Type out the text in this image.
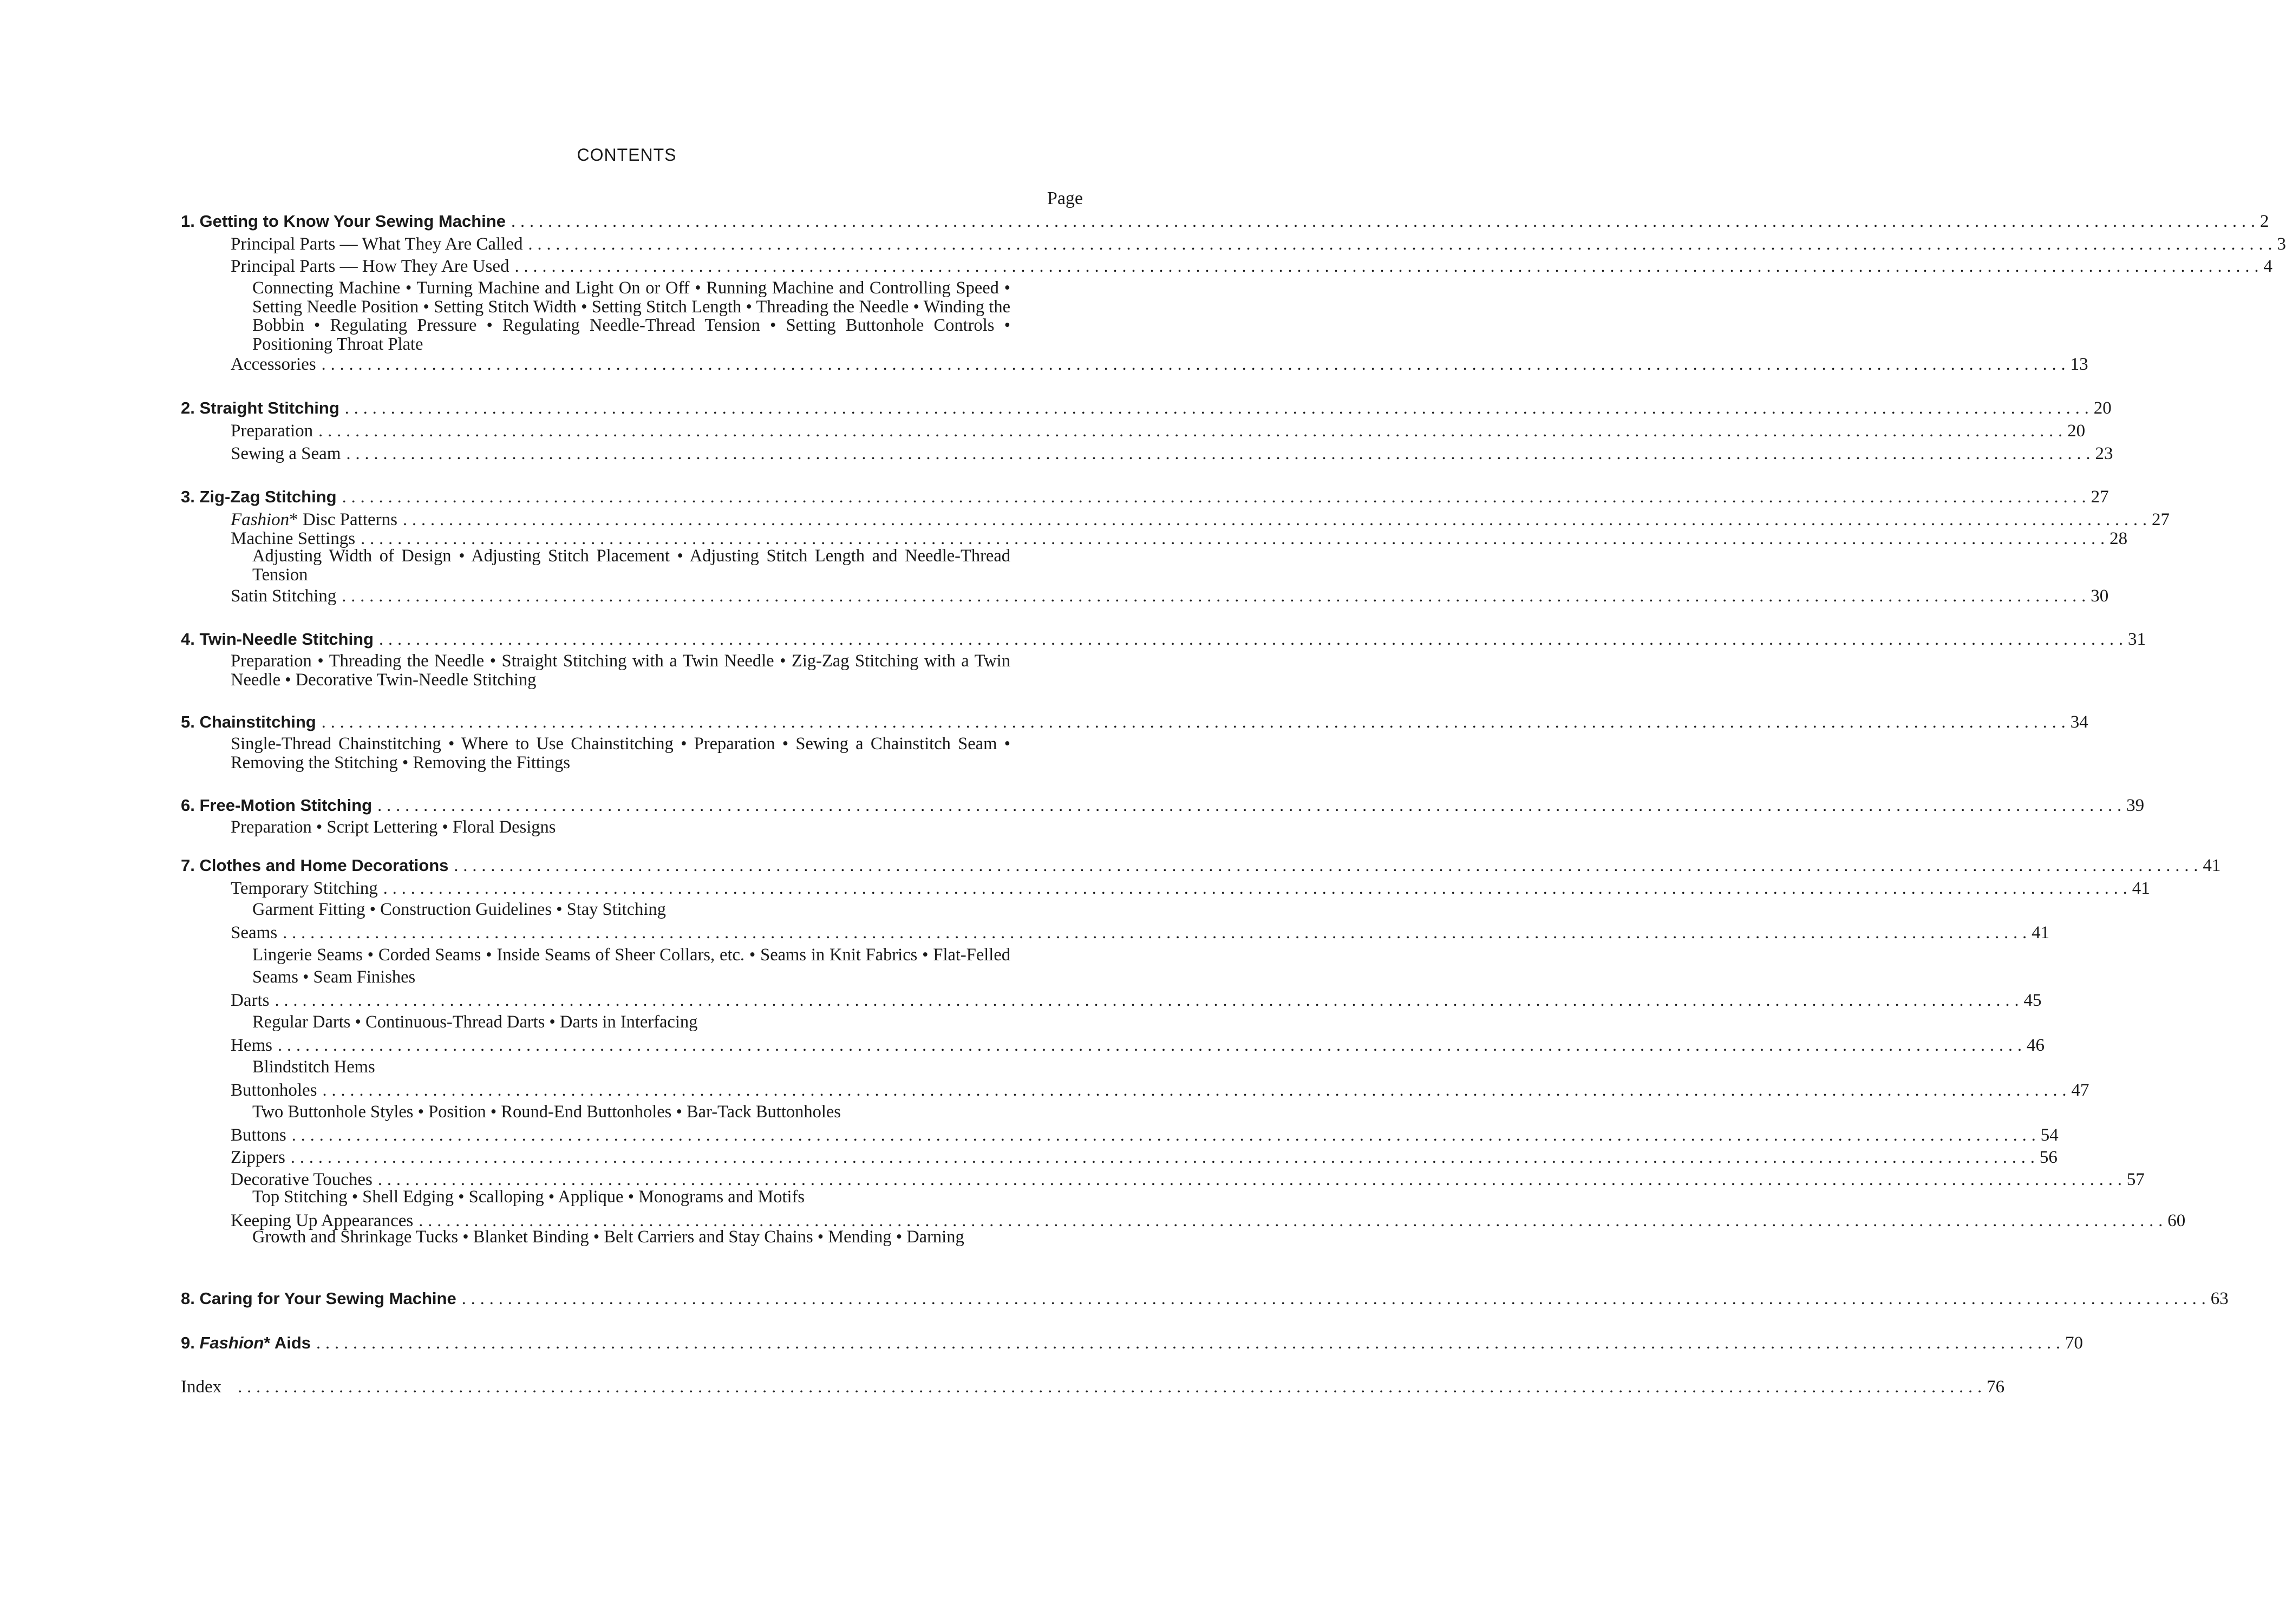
CONTENTS
Page
1. Getting to Know Your Sewing Machine .............................................................................................................................................................................................. 2
Principal Parts — What They Are Called .............................................................................................................................................................................................. 3
Principal Parts — How They Are Used .............................................................................................................................................................................................. 4
Connecting Machine • Turning Machine and Light On or Off • Running Machine and Controlling Speed • Setting Needle Position • Setting Stitch Width • Setting Stitch Length • Threading the Needle • Winding the Bobbin • Regulating Pressure • Regulating Needle-Thread Tension • Setting Buttonhole Controls • Positioning Throat Plate
Accessories .............................................................................................................................................................................................. 13
2. Straight Stitching .............................................................................................................................................................................................. 20
Preparation .............................................................................................................................................................................................. 20
Sewing a Seam .............................................................................................................................................................................................. 23
3. Zig-Zag Stitching .............................................................................................................................................................................................. 27
Fashion* Disc Patterns .............................................................................................................................................................................................. 27
Machine Settings .............................................................................................................................................................................................. 28
Adjusting Width of Design • Adjusting Stitch Placement • Adjusting Stitch Length and Needle-Thread Tension
Satin Stitching .............................................................................................................................................................................................. 30
4. Twin-Needle Stitching .............................................................................................................................................................................................. 31
Preparation • Threading the Needle • Straight Stitching with a Twin Needle • Zig-Zag Stitching with a Twin Needle • Decorative Twin-Needle Stitching
5. Chainstitching .............................................................................................................................................................................................. 34
Single-Thread Chainstitching • Where to Use Chainstitching • Preparation • Sewing a Chainstitch Seam • Removing the Stitching • Removing the Fittings
6. Free-Motion Stitching .............................................................................................................................................................................................. 39
Preparation • Script Lettering • Floral Designs
7. Clothes and Home Decorations .............................................................................................................................................................................................. 41
Temporary Stitching .............................................................................................................................................................................................. 41
Garment Fitting • Construction Guidelines • Stay Stitching
Seams .............................................................................................................................................................................................. 41
Lingerie Seams • Corded Seams • Inside Seams of Sheer Collars, etc. • Seams in Knit Fabrics • Flat-Felled Seams • Seam Finishes
Darts .............................................................................................................................................................................................. 45
Regular Darts • Continuous-Thread Darts • Darts in Interfacing
Hems .............................................................................................................................................................................................. 46
Blindstitch Hems
Buttonholes .............................................................................................................................................................................................. 47
Two Buttonhole Styles • Position • Round-End Buttonholes • Bar-Tack Buttonholes
Buttons .............................................................................................................................................................................................. 54
Zippers .............................................................................................................................................................................................. 56
Decorative Touches .............................................................................................................................................................................................. 57
Top Stitching • Shell Edging • Scalloping • Applique • Monograms and Motifs
Keeping Up Appearances .............................................................................................................................................................................................. 60
Growth and Shrinkage Tucks • Blanket Binding • Belt Carriers and Stay Chains • Mending • Darning
8. Caring for Your Sewing Machine .............................................................................................................................................................................................. 63
9. Fashion* Aids .............................................................................................................................................................................................. 70
Index .............................................................................................................................................................................................. 76
